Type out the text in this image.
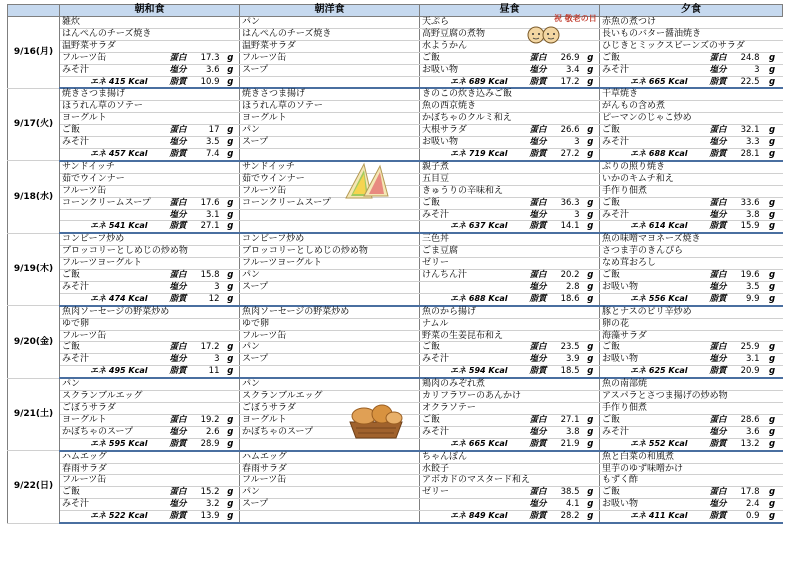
	朝和食				朝洋食				昼食				夕食			
9/16(月)	雑炊				パン				天ぷら				赤魚の煮つけ			
	はんぺんのチーズ焼き				はんぺんのチーズ焼き				高野豆腐の煮物				長いものバター醤油焼き			
	温野菜サラダ				温野菜サラダ				水ようかん				ひじきとミックスビーンズのサラダ			
	フルーツ缶	蛋白	17.3	g	フルーツ缶				ご飯	蛋白	26.9	g	ご飯	蛋白	24.8	g
	みそ汁	塩分	3.6	g	スープ				お吸い物	塩分	3.4	g	みそ汁	塩分	3	g
	エネ 415 Kcal	脂質	10.9	g					エネ 689 Kcal	脂質	17.2	g	エネ 665 Kcal	脂質	22.5	g
9/17(火)	焼きさつま揚げ				焼きさつま揚げ				きのこの炊き込みご飯				干草焼き			
	ほうれん草のソテー				ほうれん草のソテー				魚の西京焼き				がんもの含め煮			
	ヨーグルト				ヨーグルト				かぼちゃのクルミ和え				ピーマンのじゃこ炒め			
	ご飯	蛋白	17	g	パン				大根サラダ	蛋白	26.6	g	ご飯	蛋白	32.1	g
	みそ汁	塩分	3.5	g	スープ				お吸い物	塩分	3	g	みそ汁	塩分	3.3	g
	エネ 457 Kcal	脂質	7.4	g					エネ 719 Kcal	脂質	27.2	g	エネ 688 Kcal	脂質	28.1	g
9/18(水)	サンドイッチ				サンドイッチ				親子煮				ぶりの照り焼き			
	茹でウインナー				茹でウインナー				五目豆				いかのキムチ和え			
	フルーツ缶				フルーツ缶				きゅうりの辛味和え				手作り佃煮			
	コーンクリームスープ	蛋白	17.6	g	コーンクリームスープ				ご飯	蛋白	36.3	g	ご飯	蛋白	33.6	g
		塩分	3.1	g					みそ汁	塩分	3	g	みそ汁	塩分	3.8	g
	エネ 541 Kcal	脂質	27.1	g					エネ 637 Kcal	脂質	14.1	g	エネ 614 Kcal	脂質	15.9	g
9/19(木)	コンビーフ炒め				コンビーフ炒め				三色丼				魚の味噌マヨネーズ焼き			
	ブロッコリーとしめじの炒め物				ブロッコリーとしめじの炒め物				ごま豆腐				さつま芋のきんぴら			
	フルーツヨーグルト				フルーツヨーグルト				ゼリー				なめ茸おろし			
	ご飯	蛋白	15.8	g	パン				けんちん汁	蛋白	20.2	g	ご飯	蛋白	19.6	g
	みそ汁	塩分	3	g	スープ					塩分	2.8	g	お吸い物	塩分	3.5	g
	エネ 474 Kcal	脂質	12	g					エネ 688 Kcal	脂質	18.6	g	エネ 556 Kcal	脂質	9.9	g
9/20(金)	魚肉ソーセージの野菜炒め				魚肉ソーセージの野菜炒め				魚のから揚げ				豚とナスのピリ辛炒め			
	ゆで卵				ゆで卵				ナムル				卵の花			
	フルーツ缶				フルーツ缶				野菜の生姜昆布和え				海藻サラダ			
	ご飯	蛋白	17.2	g	パン				ご飯	蛋白	23.5	g	ご飯	蛋白	25.9	g
	みそ汁	塩分	3	g	スープ				みそ汁	塩分	3.9	g	お吸い物	塩分	3.1	g
	エネ 495 Kcal	脂質	11	g					エネ 594 Kcal	脂質	18.5	g	エネ 625 Kcal	脂質	20.9	g
9/21(土)	パン				パン				鶏肉のみぞれ煮				魚の南部焼			
	スクランブルエッグ				スクランブルエッグ				カリフラワーのあんかけ				アスパラとさつま揚げの炒め物			
	ごぼうサラダ				ごぼうサラダ				オクラソテー				手作り佃煮			
	ヨーグルト	蛋白	19.2	g	ヨーグルト				ご飯	蛋白	27.1	g	ご飯	蛋白	28.6	g
	かぼちゃのスープ	塩分	2.6	g	かぼちゃのスープ				みそ汁	塩分	3.8	g	みそ汁	塩分	3.6	g
	エネ 595 Kcal	脂質	28.9	g					エネ 665 Kcal	脂質	21.9	g	エネ 552 Kcal	脂質	13.2	g
9/22(日)	ハムエッグ				ハムエッグ				ちゃんぽん				魚と白菜の和風煮			
	春雨サラダ				春雨サラダ				水餃子				里芋のゆず味噌かけ			
	フルーツ缶				フルーツ缶				アボカドのマスタード和え				もずく酢			
	ご飯	蛋白	15.2	g	パン				ゼリー	蛋白	38.5	g	ご飯	蛋白	17.8	g
	みそ汁	塩分	3.2	g	スープ					塩分	4.1	g	お吸い物	塩分	2.4	g
	エネ 522 Kcal	脂質	13.9	g					エネ 849 Kcal	脂質	28.2	g	エネ 411 Kcal	脂質	0.9	g
祝 敬老の日
